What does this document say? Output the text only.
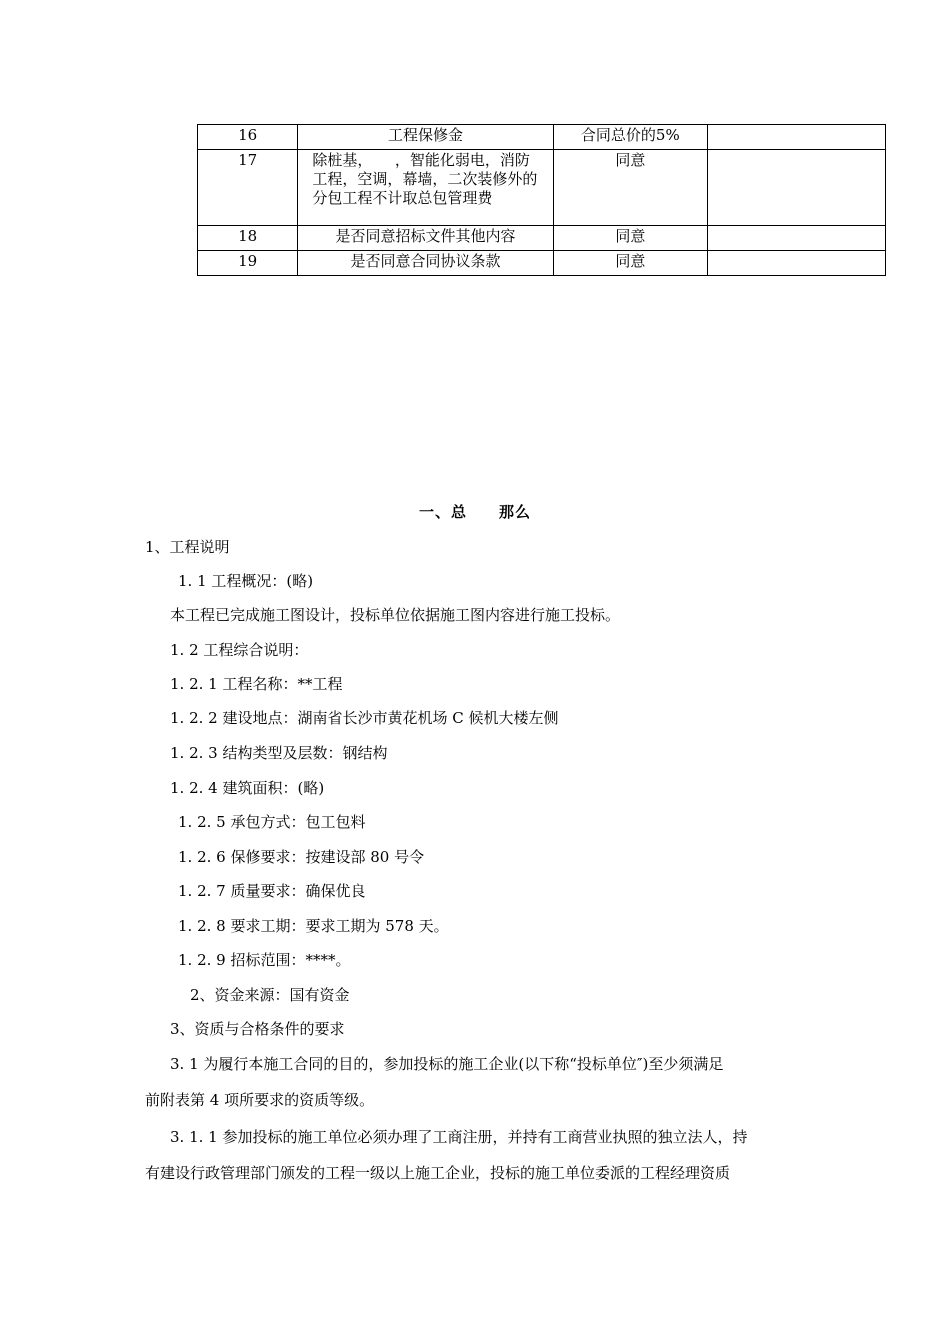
16	工程保修金	合同总价的5%	
17	除桩基，　　，智能化弱电，消防工程，空调，幕墙，二次装修外的分包工程不计取总包管理费	同意	
18	是否同意招标文件其他内容	同意	
19	是否同意合同协议条款	同意	
一、总　　那么
1、工程说明
1. 1 工程概况：(略)
本工程已完成施工图设计，投标单位依据施工图内容进行施工投标。
1. 2 工程综合说明：
1. 2. 1 工程名称：**工程
1. 2. 2 建设地点：湖南省长沙市黄花机场 C 候机大楼左侧
1. 2. 3 结构类型及层数：钢结构
1. 2. 4 建筑面积：(略)
1. 2. 5 承包方式：包工包料
1. 2. 6 保修要求：按建设部 80 号令
1. 2. 7 质量要求：确保优良
1. 2. 8 要求工期：要求工期为 578 天。
1. 2. 9 招标范围：****。
2、资金来源：国有资金
3、资质与合格条件的要求
3. 1 为履行本施工合同的目的，参加投标的施工企业(以下称“投标单位″)至少须满足
前附表第 4 项所要求的资质等级。
3. 1. 1 参加投标的施工单位必须办理了工商注册，并持有工商营业执照的独立法人，持
有建设行政管理部门颁发的工程一级以上施工企业，投标的施工单位委派的工程经理资质
